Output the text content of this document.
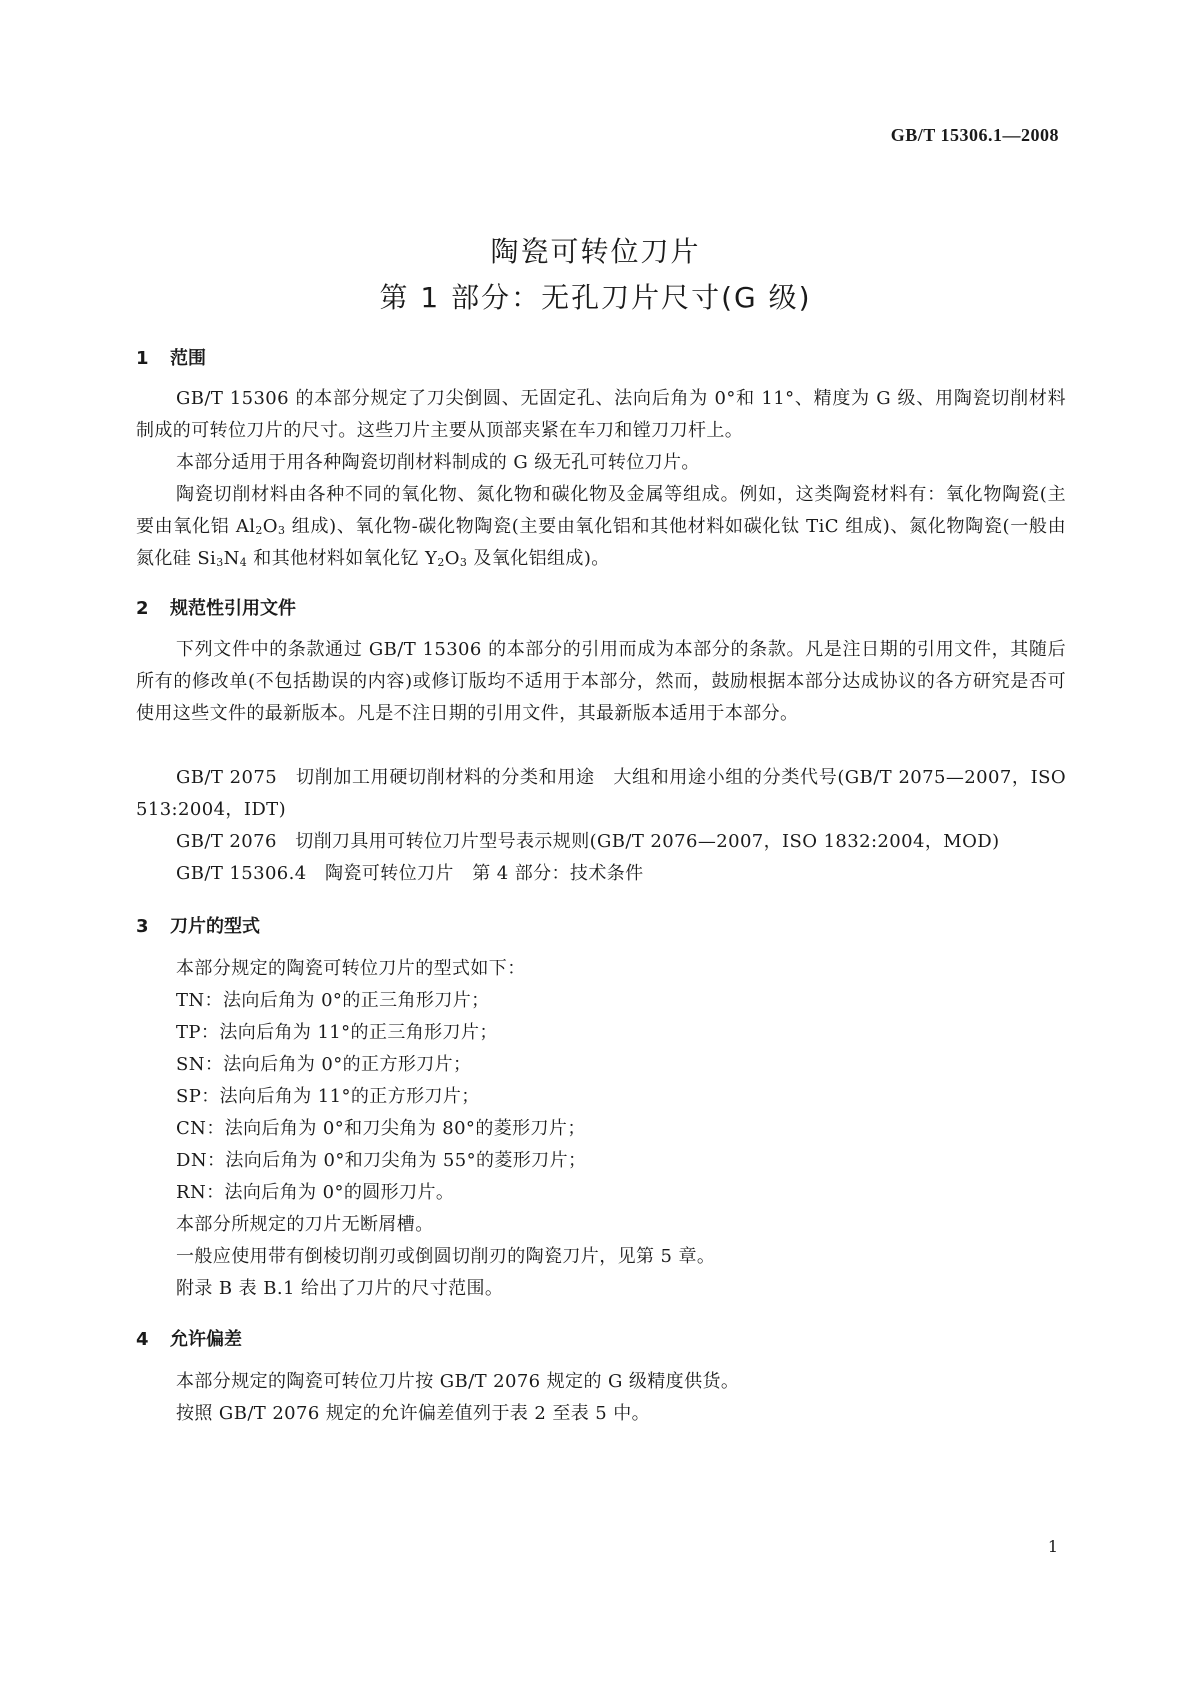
GB/T 15306.1—2008
陶瓷可转位刀片
第 1 部分：无孔刀片尺寸(G 级)
1 范围
GB/T 15306 的本部分规定了刀尖倒圆、无固定孔、法向后角为 0°和 11°、精度为 G 级、用陶瓷切削材料制成的可转位刀片的尺寸。这些刀片主要从顶部夹紧在车刀和镗刀刀杆上。
本部分适用于用各种陶瓷切削材料制成的 G 级无孔可转位刀片。
陶瓷切削材料由各种不同的氧化物、氮化物和碳化物及金属等组成。例如，这类陶瓷材料有：氧化物陶瓷(主要由氧化铝 $Al_2O_3$ 组成)、氧化物-碳化物陶瓷(主要由氧化铝和其他材料如碳化钛 TiC 组成)、氮化物陶瓷(一般由氮化硅 $Si_3N_4$ 和其他材料如氧化钇 $Y_2O_3$ 及氧化铝组成)。
2 规范性引用文件
下列文件中的条款通过 GB/T 15306 的本部分的引用而成为本部分的条款。凡是注日期的引用文件，其随后所有的修改单(不包括勘误的内容)或修订版均不适用于本部分，然而，鼓励根据本部分达成协议的各方研究是否可使用这些文件的最新版本。凡是不注日期的引用文件，其最新版本适用于本部分。
GB/T 2075　切削加工用硬切削材料的分类和用途　大组和用途小组的分类代号(GB/T 2075—2007，ISO 513:2004，IDT)
GB/T 2076　切削刀具用可转位刀片型号表示规则(GB/T 2076—2007，ISO 1832:2004，MOD)
GB/T 15306.4　陶瓷可转位刀片　第 4 部分：技术条件
3 刀片的型式
本部分规定的陶瓷可转位刀片的型式如下：
TN：法向后角为 0°的正三角形刀片；
TP：法向后角为 11°的正三角形刀片；
SN：法向后角为 0°的正方形刀片；
SP：法向后角为 11°的正方形刀片；
CN：法向后角为 0°和刀尖角为 80°的菱形刀片；
DN：法向后角为 0°和刀尖角为 55°的菱形刀片；
RN：法向后角为 0°的圆形刀片。
本部分所规定的刀片无断屑槽。
一般应使用带有倒棱切削刃或倒圆切削刃的陶瓷刀片，见第 5 章。
附录 B 表 B.1 给出了刀片的尺寸范围。
4 允许偏差
本部分规定的陶瓷可转位刀片按 GB/T 2076 规定的 G 级精度供货。
按照 GB/T 2076 规定的允许偏差值列于表 2 至表 5 中。
1
